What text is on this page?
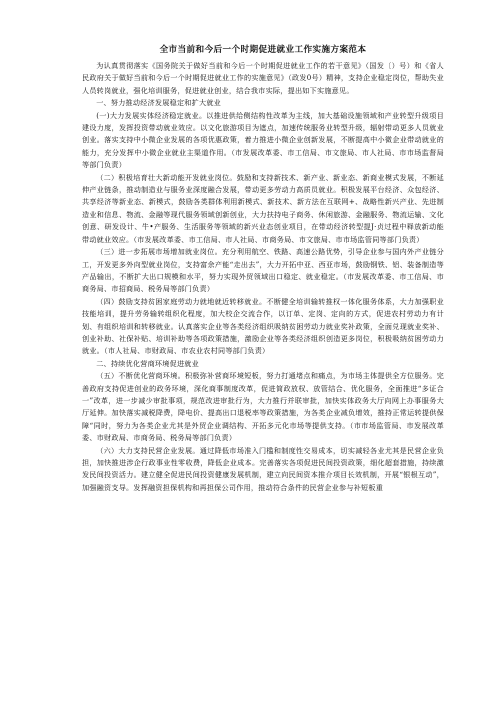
全市当前和今后一个时期促进就业工作实施方案范本

为认真贯彻落实《国务院关于做好当前和今后一个时期促进就业工作的若干意见》（国发〔）号）和《省人民政府关于做好当前和今后一个时期促进就业工作的实施意见》（政发0号）精神，支持企业稳定岗位，帮助失业人员转岗就业，强化培训服务，促进就业创业，结合我市实际，提出如下实施意见。

一、努力推动经济发展稳定和扩大就业

(一)大力发展实体经济稳定就业。以推进供给侧结构性改革为主线，加大基础设施领域和产业转型升级项目建设力度，发挥投资带动就业效应。以文化旅游项目为遮点，加速传统服务业转型升级，辐射带动更多人员就业创业。落实支持中小微企业发展的各项优惠政策，着力推进小微企业创新发展，不断提高中小微企业带动就业的能力，充分发挥中小微企业就业主渠道作用。（市发展改革委、市工信局、市文旅局、市人社局、市市场监督局等部门负责）

（二）积极培育壮大新动能开发就业岗位。鼓励和支持新技术、新产业、新业态、新商业模式发展，不断延伸产业链条，推动制造业与服务业深度融合发展，带动更多劳动力高质员就业。积极发展平台经济、众包经济、共享经济等新业态、新模式，鼓励各类群体利用新模式、新技术、新方法在互联网+、战略性新兴产业、先进制造业和信息、物流、金融等现代服务领域创新创业，大力扶持电子商务、休闲旅游、金融服务、物流运输、文化创意、研发设计、牛•产服务、生活服务等领域的新兴业态创业项目，在带动经济转型提J·贞过程中释放新动能带动就业效应。（市发展改革委、市工信局、市人社局、市商务局、市文旅局、市市场监管同等部门负责）

（三）进一步拓展市场增加就业岗位。充分利用航空、铁路、高速公路优势，引导企业参与国内外产业链分工，开发更多外向型就业岗位，支持富余产能“走出去”，大力开拓中亚、西亚市场，鼓励钢铁、铝、装备制造等产品输出，不断扩大出口规模和水平，努力实现外贸领域出口稳定、就业稳定。（市发展改革委、市工信局、市商务局、市招商局、税务局等部门负责）

（四）鼓励支持贫困家庭劳动力就地就近转移就业。不断健全培训输转推权一体化服务体系，大力加强职业技能培训，提升劳务输转组织化程度，加大校企交流合作，以订单、定岗、定向的方式，促进农村劳动力有计划、有组织培训和转移就业。认真落实企业等各类经济组织吸纳贫困劳动力就业奖补政策，全面兑现就业奖补、创业补助、社保补贴、培训补助等各项政策措施，激励企业等各类经济组织创造更多岗位，积极吸纳贫困劳动力就业。（市人社局、市财政局、市农业农村同等部门负责）

二、持续优化营商环境促进就业

（五）不断优化营商环境。积极弥补营商环境短板，努力打通堵点和痛点，为市场主体提供全方位服务。完善政府支持促进创业的政务环境，深化商事制度改革，促进简政放权、放管结合、优化服务，全面推进“多证合一”改革，进一步减少审批事项，规范改进审批行为，大力推行并联审批，加快实体政务大厅向网上办事服务大厅延伸。加快落实减税降费，降电价、提高出口退税率等政策措施，为各类企业减负增效，推持正常运转提供保障“同时，努力为各类企业尤其是外贸企业调结构、开拓多元化市场等提供支持。（市市场监管局、市发展改革委、市财政局、市商务局、税务局等部门负责）

（六）大力支持民营企业发展。通过降低市场准入门槛和制度性交易成本，切实减轻各业尤其是民营企业负担，加快推进涉企行政事业性零收费，降低企业成本。完善落实各项促进民间投资政策，细化超套措施，持续激发民间投资活力。建立健全促进民间投资健康发展机制，建立向民间资本推介项目长效机制，开展“银根互动”，加强融资支导。发挥融资担保机构和再担保公司作用，推动符合条件的民营企业参与补短板重
